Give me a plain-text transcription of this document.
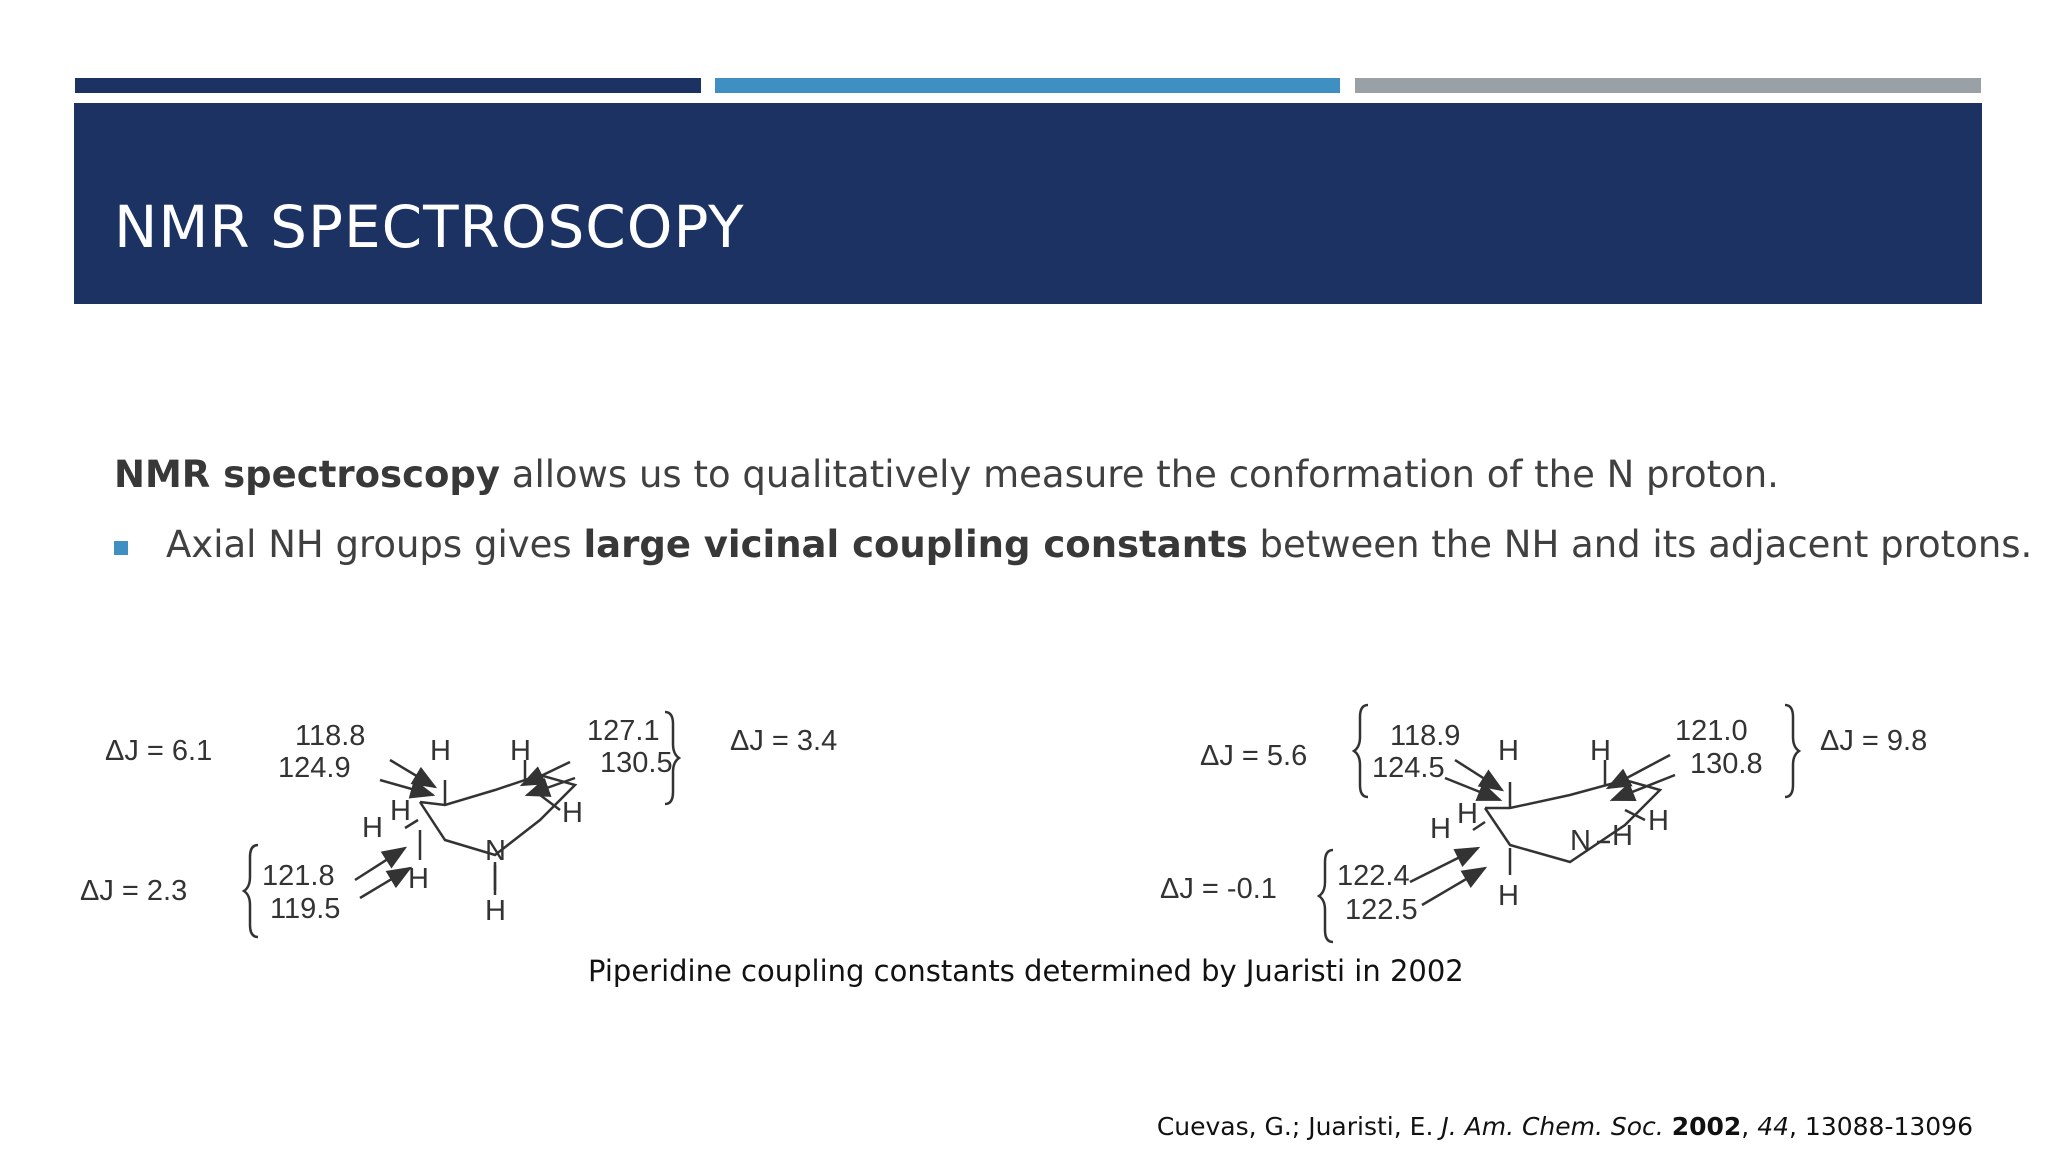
NMR SPECTROSCOPY
NMR spectroscopy allows us to qualitatively measure the conformation of the N proton.
Axial NH groups gives large vicinal coupling constants between the NH and its adjacent protons.
ΔJ = 6.1	118.8
124.9
127.1
130.5
ΔJ = 3.4
ΔJ = 2.3	121.8
119.5
H H
H
H
H
H
N
H
ΔJ = 5.6
118.9
124.5
121.0
130.8
ΔJ = 9.8
ΔJ = -0.1 122.4
122.5
H H
H
H H
H
N H
Piperidine coupling constants determined by Juaristi in 2002
Cuevas, G.; Juaristi, E. J. Am. Chem. Soc. 2002, 44, 13088-13096
